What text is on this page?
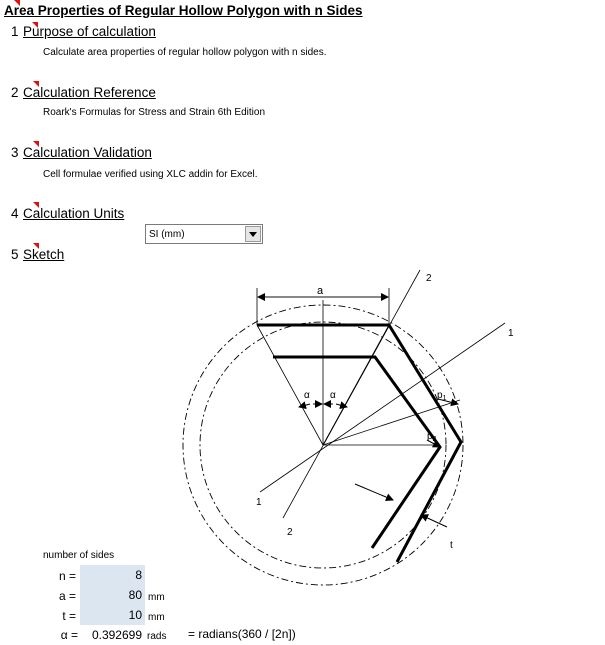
Area Properties of Regular Hollow Polygon with n Sides
1 Purpose of calculation
Calculate area properties of regular hollow polygon with n sides.
2 Calculation Reference
Roark's Formulas for Stress and Strain 6th Edition
3 Calculation Validation
Cell formulae verified using XLC addin for Excel.
4 Calculation Units
SI (mm)
5 Sketch
a
α α
1
1
2
2
$p_1$
$p_2$
t
number of sides
n =	8
a =	80 mm
t =	10 mm
α =	0.392699 rads = radians(360 / [2n])
